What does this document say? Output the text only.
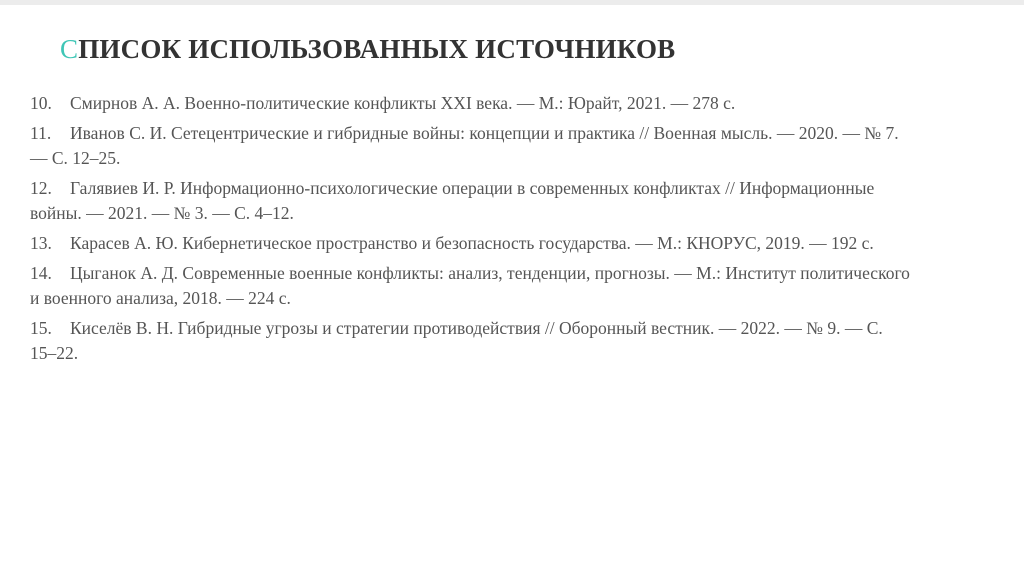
СПИСОК ИСПОЛЬЗОВАННЫХ ИСТОЧНИКОВ
10. Смирнов А. А. Военно-политические конфликты XXI века. — М.: Юрайт, 2021. — 278 с.
11. Иванов С. И. Сетецентрические и гибридные войны: концепции и практика // Военная мысль. — 2020. — № 7. — С. 12–25.
12. Галявиев И. Р. Информационно-психологические операции в современных конфликтах // Информационные войны. — 2021. — № 3. — С. 4–12.
13. Карасев А. Ю. Кибернетическое пространство и безопасность государства. — М.: КНОРУС, 2019. — 192 с.
14. Цыганок А. Д. Современные военные конфликты: анализ, тенденции, прогнозы. — М.: Институт политического и военного анализа, 2018. — 224 с.
15. Киселёв В. Н. Гибридные угрозы и стратегии противодействия // Оборонный вестник. — 2022. — № 9. — С. 15–22.
